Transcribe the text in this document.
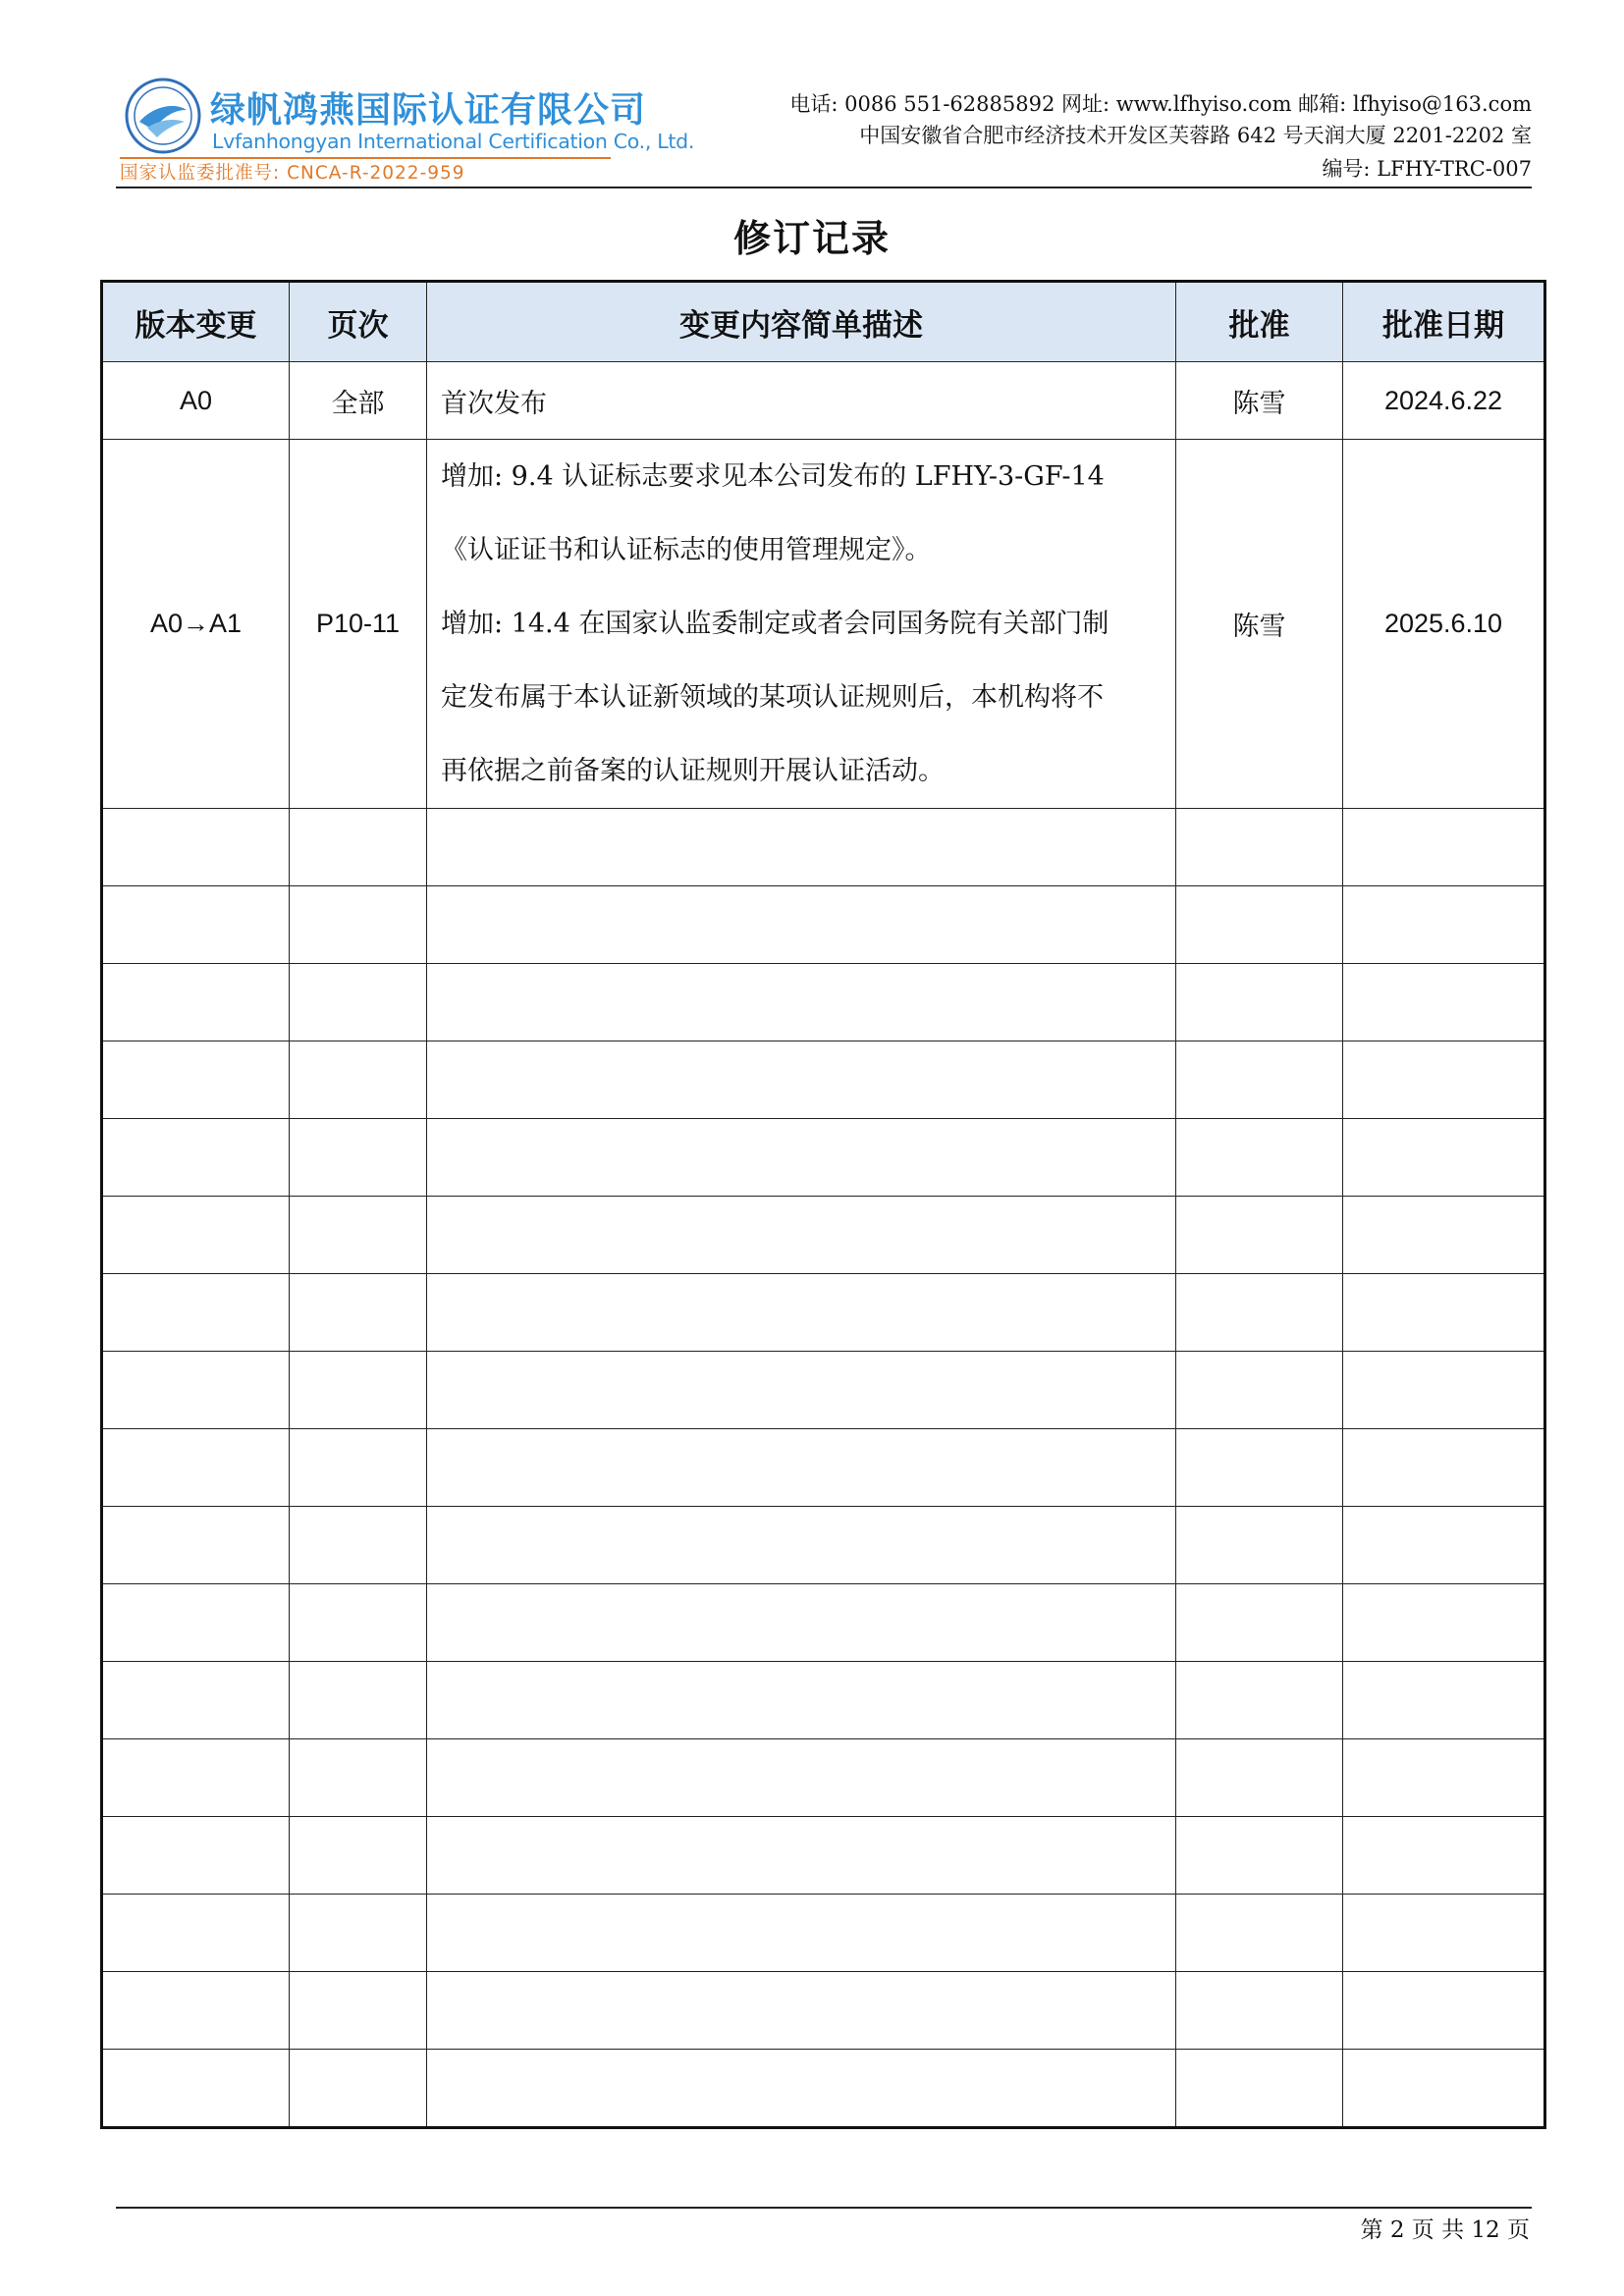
绿帆鸿燕国际认证有限公司
Lvfanhongyan International Certification Co., Ltd.
国家认监委批准号: CNCA-R-2022-959
电话: 0086 551-62885892 网址: www.lfhyiso.com 邮箱: lfhyiso@163.com
中国安徽省合肥市经济技术开发区芙蓉路 642 号天润大厦 2201-2202 室
编号: LFHY-TRC-007
修订记录
版本变更	页次	变更内容简单描述	批准	批准日期
A0	全部	首次发布	陈雪	2024.6.22
A0→A1	P10-11	增加: 9.4 认证标志要求见本公司发布的 LFHY-3-GF-14
《认证证书和认证标志的使用管理规定》。
增加: 14.4 在国家认监委制定或者会同国务院有关部门制
定发布属于本认证新领域的某项认证规则后，本机构将不
再依据之前备案的认证规则开展认证活动。	陈雪	2025.6.10

第 2 页 共 12 页
